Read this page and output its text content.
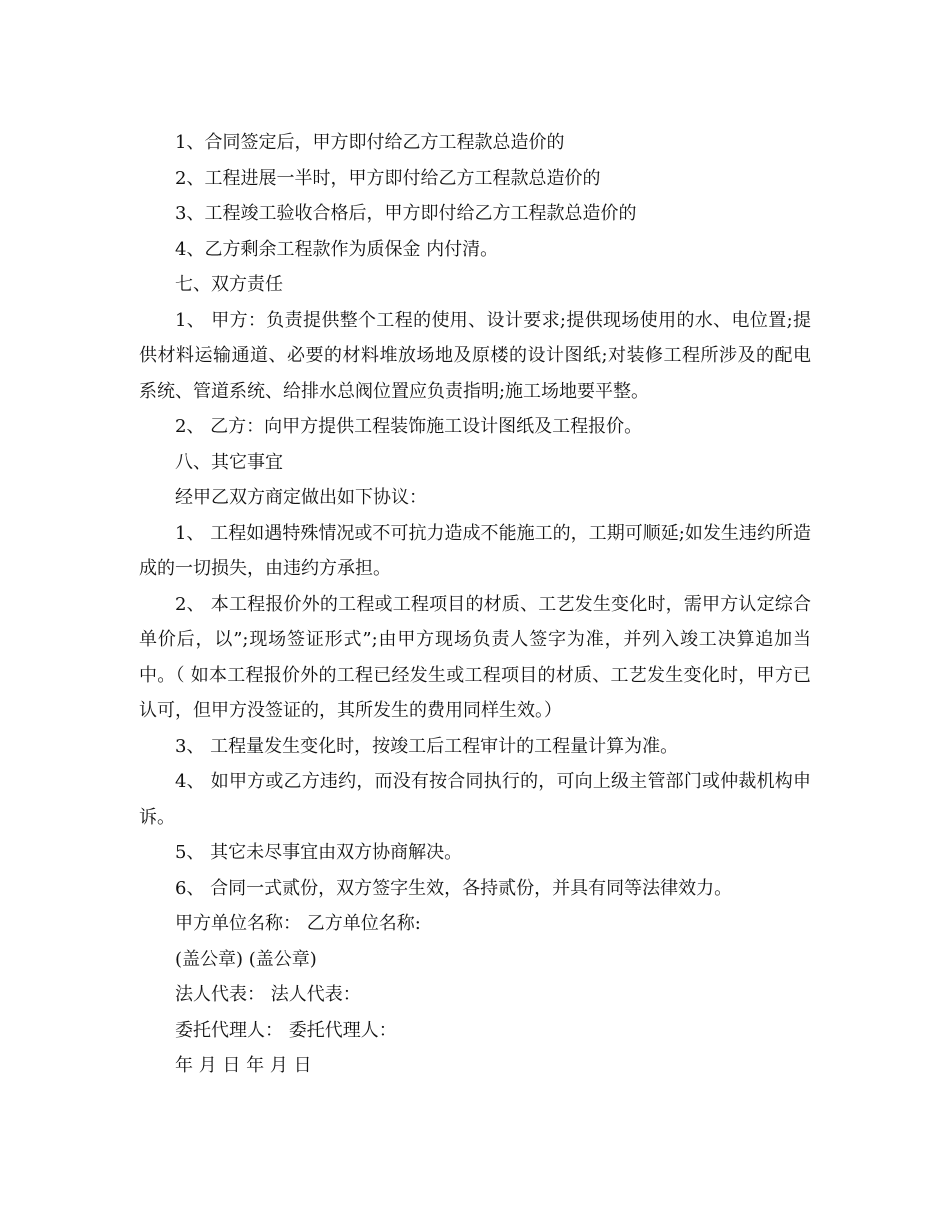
1、合同签定后，甲方即付给乙方工程款总造价的

2、工程进展一半时，甲方即付给乙方工程款总造价的

3、工程竣工验收合格后，甲方即付给乙方工程款总造价的

4、乙方剩余工程款作为质保金 内付清。

七、双方责任

1、 甲方：负责提供整个工程的使用、设计要求;提供现场使用的水、电位置;提供材料运输通道、必要的材料堆放场地及原楼的设计图纸;对装修工程所涉及的配电系统、管道系统、给排水总阀位置应负责指明;施工场地要平整。

2、 乙方：向甲方提供工程装饰施工设计图纸及工程报价。

八、其它事宜

经甲乙双方商定做出如下协议：

1、 工程如遇特殊情况或不可抗力造成不能施工的，工期可顺延;如发生违约所造成的一切损失，由违约方承担。

2、 本工程报价外的工程或工程项目的材质、工艺发生变化时，需甲方认定综合单价后，以”;现场签证形式”;由甲方现场负责人签字为准，并列入竣工决算追加当中。（ 如本工程报价外的工程已经发生或工程项目的材质、工艺发生变化时，甲方已认可，但甲方没签证的，其所发生的费用同样生效。）

3、 工程量发生变化时，按竣工后工程审计的工程量计算为准。

4、 如甲方或乙方违约，而没有按合同执行的，可向上级主管部门或仲裁机构申诉。

5、 其它未尽事宜由双方协商解决。

6、 合同一式贰份，双方签字生效，各持贰份，并具有同等法律效力。

甲方单位名称： 乙方单位名称:

(盖公章) (盖公章)

法人代表： 法人代表：

委托代理人： 委托代理人：

年 月 日 年 月 日
